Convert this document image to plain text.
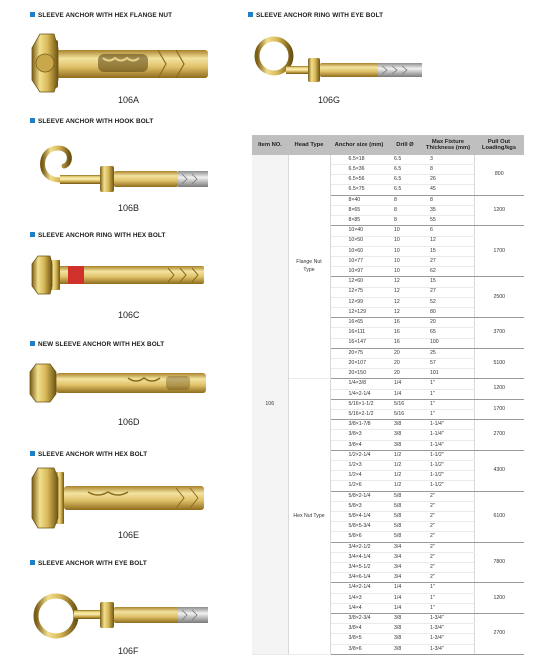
SLEEVE ANCHOR WITH HEX FLANGE NUT
106A
SLEEVE ANCHOR RING WITH EYE BOLT
106G
SLEEVE ANCHOR WITH HOOK BOLT
106B
SLEEVE ANCHOR RING WITH HEX BOLT
106C
NEW SLEEVE ANCHOR WITH HEX BOLT
106D
SLEEVE ANCHOR WITH HEX BOLT
106E
SLEEVE ANCHOR WITH EYE BOLT
106F
Item NO.	Head Type	Anchor size (mm)	Drill Ø	Max Fixture Thickness (mm)	Pull Out Loading/kgs
106	Flange Nut Type	6.5×18	6.5	3	800
		6.5×36	6.5	8	
		6.5×56	6.5	26	
		6.5×75	6.5	45	
		8×40	8	8	1200
		8×65	8	35	
		8×85	8	55	
		10×40	10	6	1700
		10×50	10	12	
		10×60	10	15	
		10×77	10	27	
		10×97	10	62	
		12×60	12	15	2500
		12×75	12	27	
		12×99	12	52	
		12×129	12	80	
		16×65	16	20	3700
		16×111	16	65	
		16×147	16	100	
		20×75	20	25	5100
		20×107	20	57	
		20×150	20	101	
	Hex Nut Type	1/4×3/8	1/4	1"	1200
		1/4×2-1/4	1/4	1"	
		5/16×1-1/2	5/16	1"	1700
		5/16×2-1/2	5/16	1"	
		3/8×1-7/8	3/8	1-1/4"	2700
		3/8×3	3/8	1-1/4"	
		3/8×4	3/8	1-1/4"	
		1/2×2-1/4	1/2	1-1/2"	4300
		1/2×3	1/2	1-1/2"	
		1/2×4	1/2	1-1/2"	
		1/2×6	1/2	1-1/2"	
		5/8×2-1/4	5/8	2"	6100
		5/8×3	5/8	2"	
		5/8×4-1/4	5/8	2"	
		5/8×5-3/4	5/8	2"	
		5/8×6	5/8	2"	
		3/4×2-1/2	3/4	2"	7800
		3/4×4-1/4	3/4	2"	
		3/4×5-1/2	3/4	2"	
		3/4×6-1/4	3/4	2"	
		1/4×2-1/4	1/4	1"	1200
		1/4×3	1/4	1"	
		1/4×4	1/4	1"	
		3/8×2-3/4	3/8	1-3/4"	2700
		3/8×4	3/8	1-3/4"	
		3/8×5	3/8	1-3/4"	
		3/8×6	3/8	1-3/4"	
